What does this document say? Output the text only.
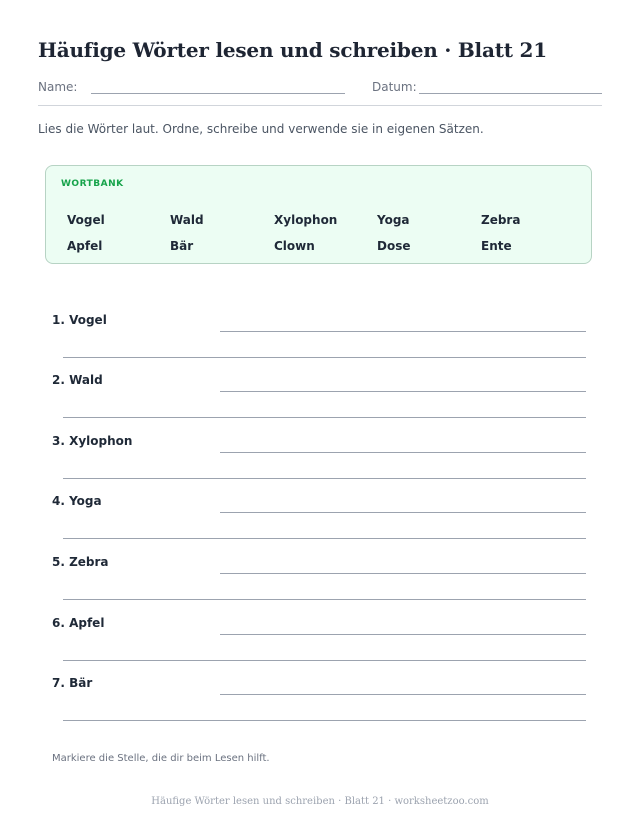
Häufige Wörter lesen und schreiben · Blatt 21
Name:	Datum:

Lies die Wörter laut. Ordne, schreibe und verwende sie in eigenen Sätzen.

WORTBANK
Vogel	Wald	Xylophon	Yoga	Zebra
Apfel	Bär	Clown	Dose	Ente
1. Vogel
2. Wald
3. Xylophon
4. Yoga
5. Zebra
6. Apfel
7. Bär
Markiere die Stelle, die dir beim Lesen hilft.
Häufige Wörter lesen und schreiben · Blatt 21 · worksheetzoo.com
